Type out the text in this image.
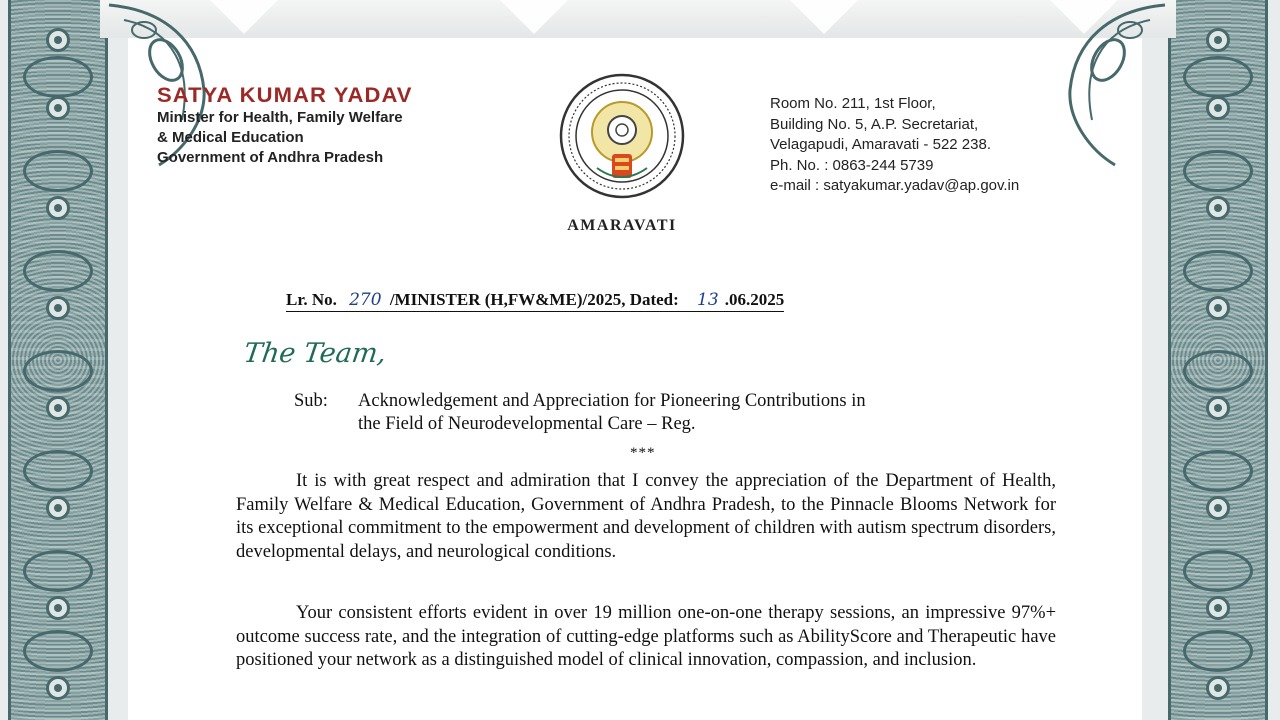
SATYA KUMAR YADAV
Minister for Health, Family Welfare
& Medical Education
Government of Andhra Pradesh
AMARAVATI
Room No. 211, 1st Floor,
Building No. 5, A.P. Secretariat,
Velagapudi, Amaravati - 522 238.
Ph. No. : 0863-244 5739
e-mail : satyakumar.yadav@ap.gov.in
Lr. No. 270 /MINISTER (H,FW&ME)/2025, Dated: 13 .06.2025
The Team,
Sub: Acknowledgement and Appreciation for Pioneering Contributions in
the Field of Neurodevelopmental Care – Reg.
***
It is with great respect and admiration that I convey the appreciation of the Department of Health, Family Welfare & Medical Education, Government of Andhra Pradesh, to the Pinnacle Blooms Network for its exceptional commitment to the empowerment and development of children with autism spectrum disorders, developmental delays, and neurological conditions.
Your consistent efforts evident in over 19 million one-on-one therapy sessions, an impressive 97%+ outcome success rate, and the integration of cutting-edge platforms such as AbilityScore and Therapeutic have positioned your network as a distinguished model of clinical innovation, compassion, and inclusion.
